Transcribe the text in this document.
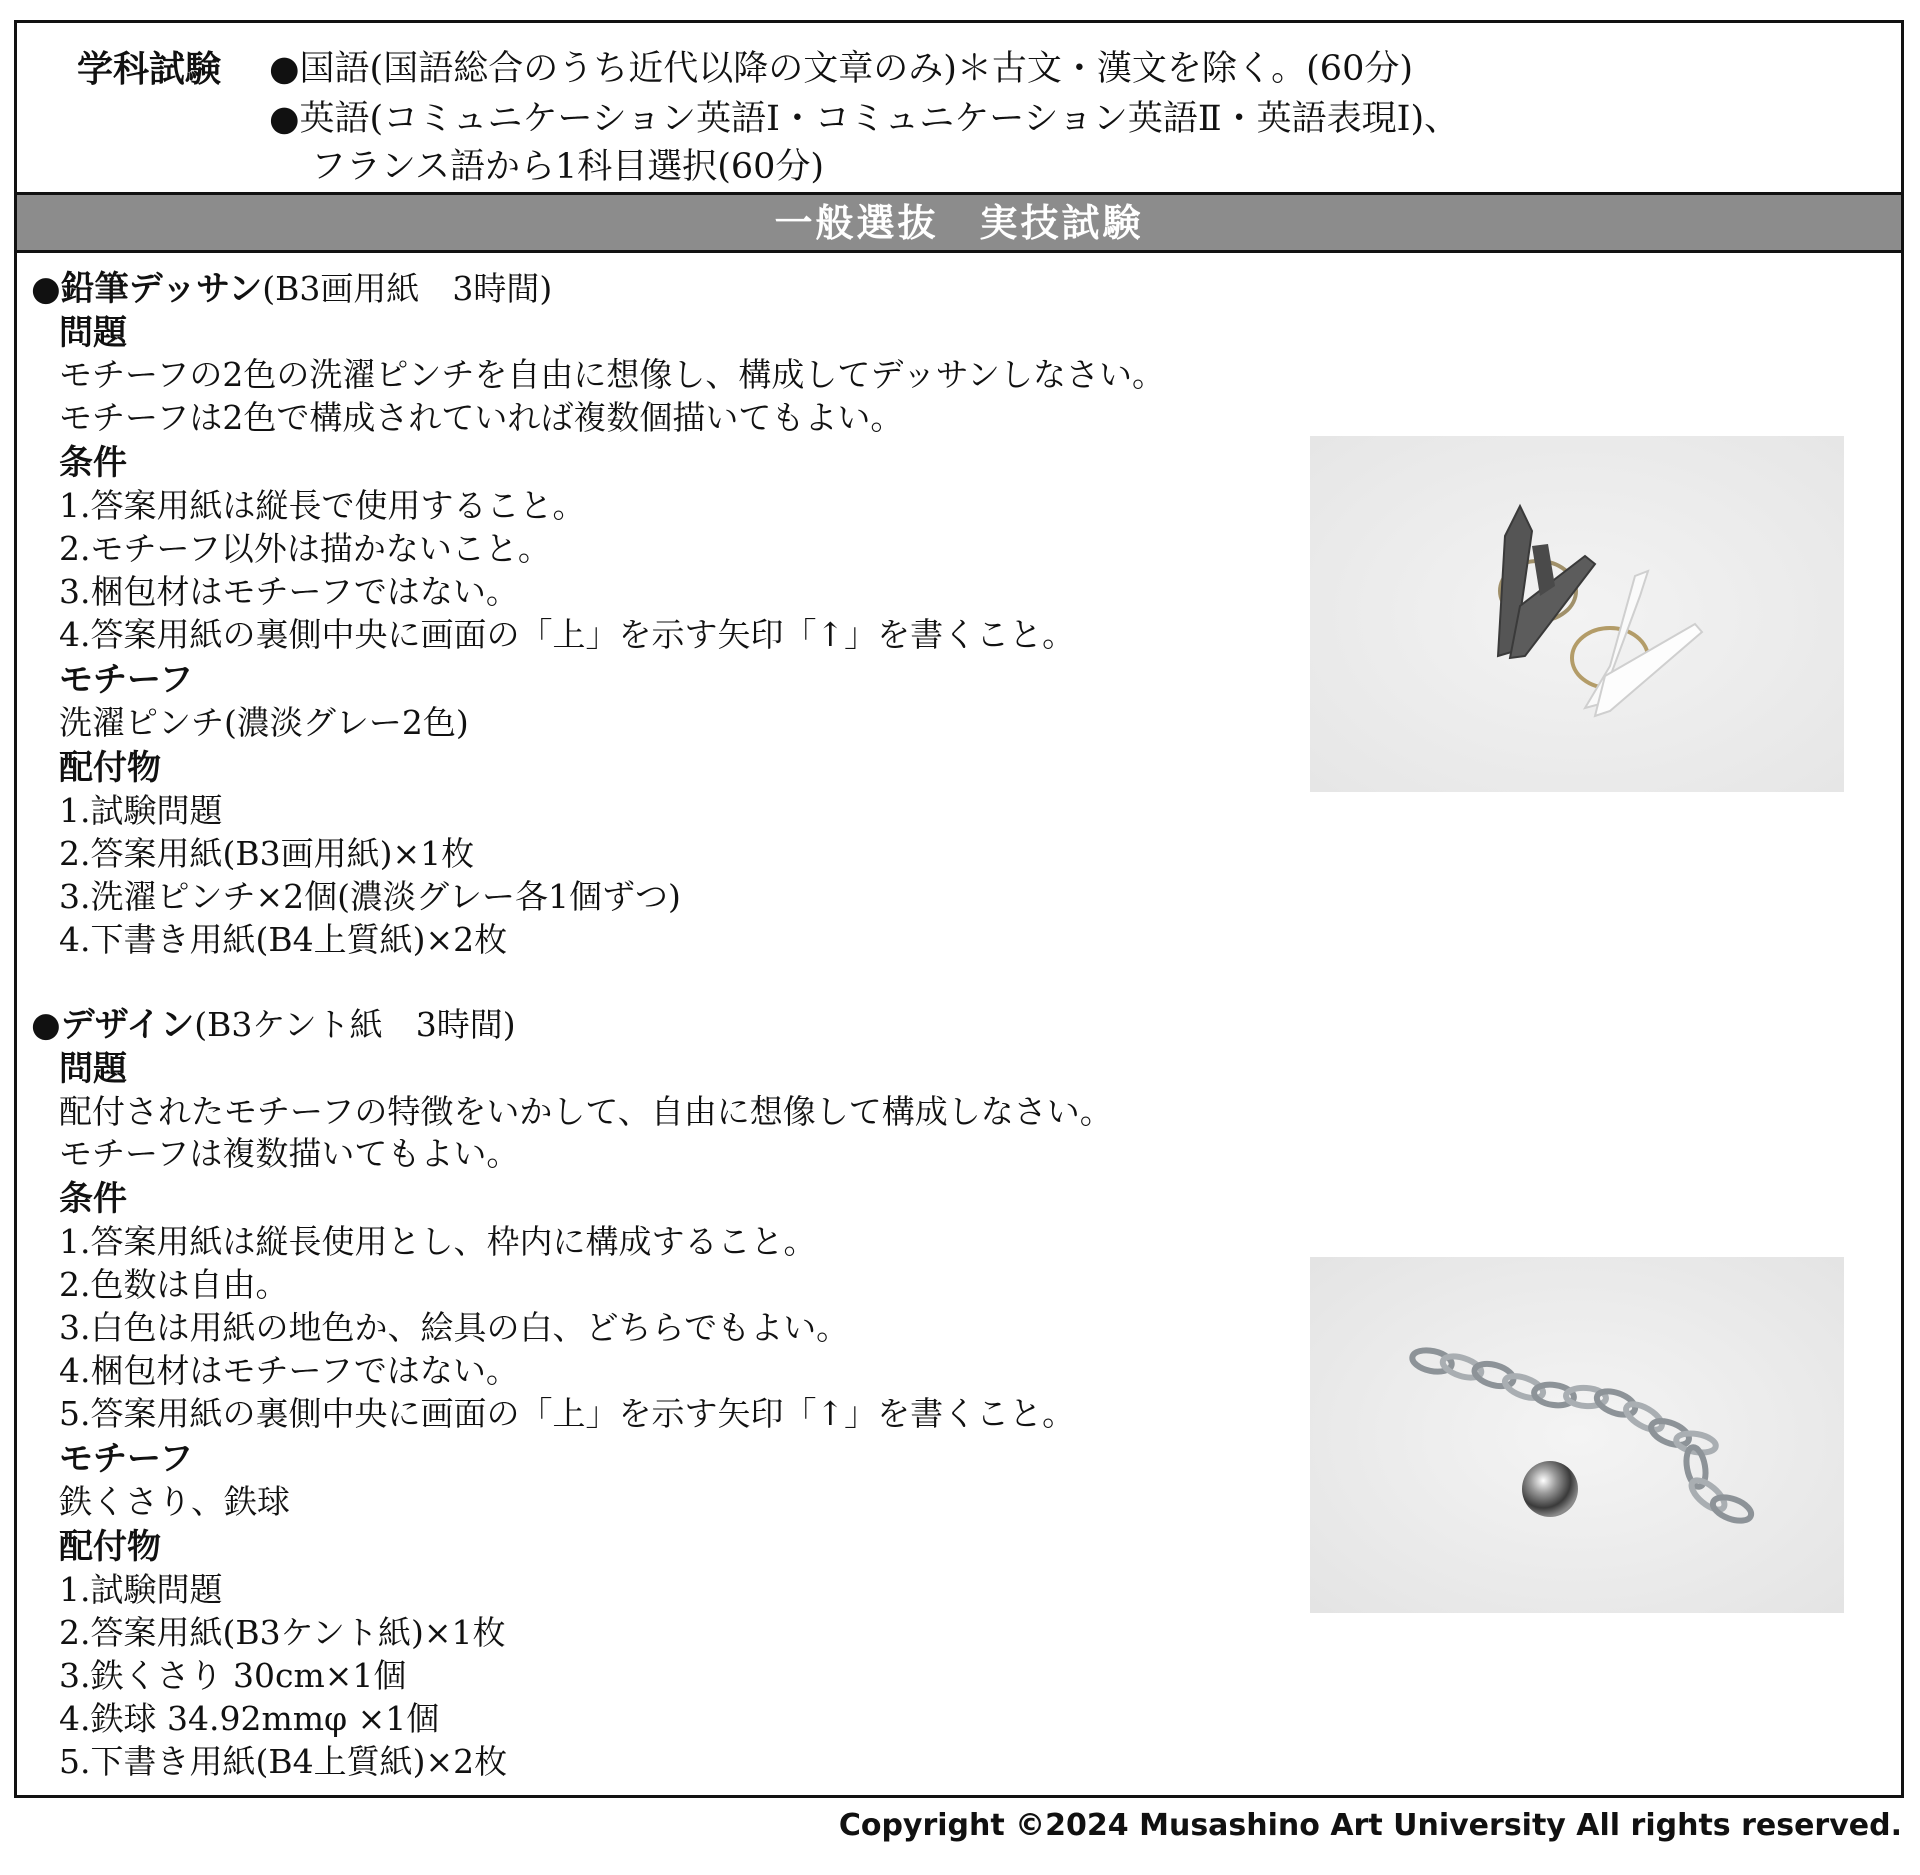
学科試験 ●国語(国語総合のうち近代以降の文章のみ)＊古文・漢文を除く。(60分)
●英語(コミュニケーション英語Ⅰ・コミュニケーション英語Ⅱ・英語表現Ⅰ)、
フランス語から1科目選択(60分)
一般選抜　実技試験
●鉛筆デッサン(B3画用紙　3時間)
問題
モチーフの2色の洗濯ピンチを自由に想像し、構成してデッサンしなさい。
モチーフは2色で構成されていれば複数個描いてもよい。
条件
1.答案用紙は縦長で使用すること。
2.モチーフ以外は描かないこと。
3.梱包材はモチーフではない。
4.答案用紙の裏側中央に画面の「上」を示す矢印「↑」を書くこと。
モチーフ
洗濯ピンチ(濃淡グレー2色)
配付物
1.試験問題
2.答案用紙(B3画用紙)×1枚
3.洗濯ピンチ×2個(濃淡グレー各1個ずつ)
4.下書き用紙(B4上質紙)×2枚
●デザイン(B3ケント紙　3時間)
問題
配付されたモチーフの特徴をいかして、自由に想像して構成しなさい。
モチーフは複数描いてもよい。
条件
1.答案用紙は縦長使用とし、枠内に構成すること。
2.色数は自由。
3.白色は用紙の地色か、絵具の白、どちらでもよい。
4.梱包材はモチーフではない。
5.答案用紙の裏側中央に画面の「上」を示す矢印「↑」を書くこと。
モチーフ
鉄くさり、鉄球
配付物
1.試験問題
2.答案用紙(B3ケント紙)×1枚
3.鉄くさり 30cm×1個
4.鉄球 34.92mmφ ×1個
5.下書き用紙(B4上質紙)×2枚
Copyright ©2024 Musashino Art University All rights reserved.
